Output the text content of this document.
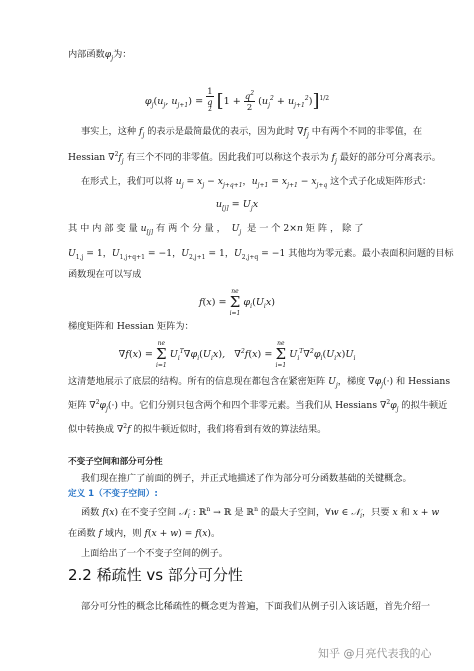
内部函数$\varphi_j$为：
$\varphi_j(u_j$, $u_{j+1}) = 1$
q
$^2$ $[1 + \frac{q^2}{2} (u_j^2 + u_{j+1}^2)]^{1/2}$
事实上，这种 $f_j$ 的表示是最简最优的表示，因为此时 $\nabla f_j$ 中有两个不同的非零值，在
Hessian $\nabla^2f_j$ 有三个不同的非零值。因此我们可以称这个表示为 $f_j$ 最好的部分可分离表示。
在形式上，我们可以将 $u_j = x_j - x_{j+q+1}$，$u_{j+1} = x_{j+1} - x_{j+q}$ 这个式子化成矩阵形式：
$u_{[j]} = U_jx$
其 中 内 部 变 量 $u_{[j]}$ 有 两 个 分 量 ，  $U_j$  是 一 个 2×n 矩 阵 ， 除 了
$U_{1,j} = 1$，$U_{1,j+q+1} = -1$，$U_{2,j+1} = 1$，$U_{2,j+q} = -1$ 其他均为零元素。最小表面积问题的目标
函数现在可以写成
f(x) = ne
Σ
i=1 $\varphi_i(U_ix)$
梯度矩阵和 Hessian 矩阵为：
∇f(x) = ne
Σ
i=1 $U_i^T\nabla\varphi_i(U_ix)$,   ∇$^2$f(x) = ne
Σ
i=1 $U_i^T\nabla^2\varphi_i(U_ix)U_i$
这清楚地展示了底层的结构。所有的信息现在都包含在紧密矩阵 $U_j$，梯度 $\nabla\varphi_j(\cdot)$ 和 Hessians
矩阵 $\nabla^2\varphi_j(\cdot)$ 中。它们分别只包含两个和四个非零元素。当我们从 Hessians $\nabla^2\varphi_j$ 的拟牛顿近
似中转换成 ∇$^2$f 的拟牛顿近似时，我们将看到有效的算法结果。
不变子空间和部分可分性
我们现在推广了前面的例子，并正式地描述了作为部分可分函数基础的关键概念。
定义 1（不变子空间）:
函数 f(x) 在不变子空间 𝒩$_i$ : ℝ$^n$ → ℝ 是 ℝ$^n$ 的最大子空间，∀w ∈ 𝒩$_i$，只要 x 和 x + w
在函数 f 域内，则 f(x + w) = f(x)。
上面给出了一个不变子空间的例子。
2.2 稀疏性 vs 部分可分性
部分可分性的概念比稀疏性的概念更为普遍，下面我们从例子引入该话题，首先介绍一
知乎 @月亮代表我的心
